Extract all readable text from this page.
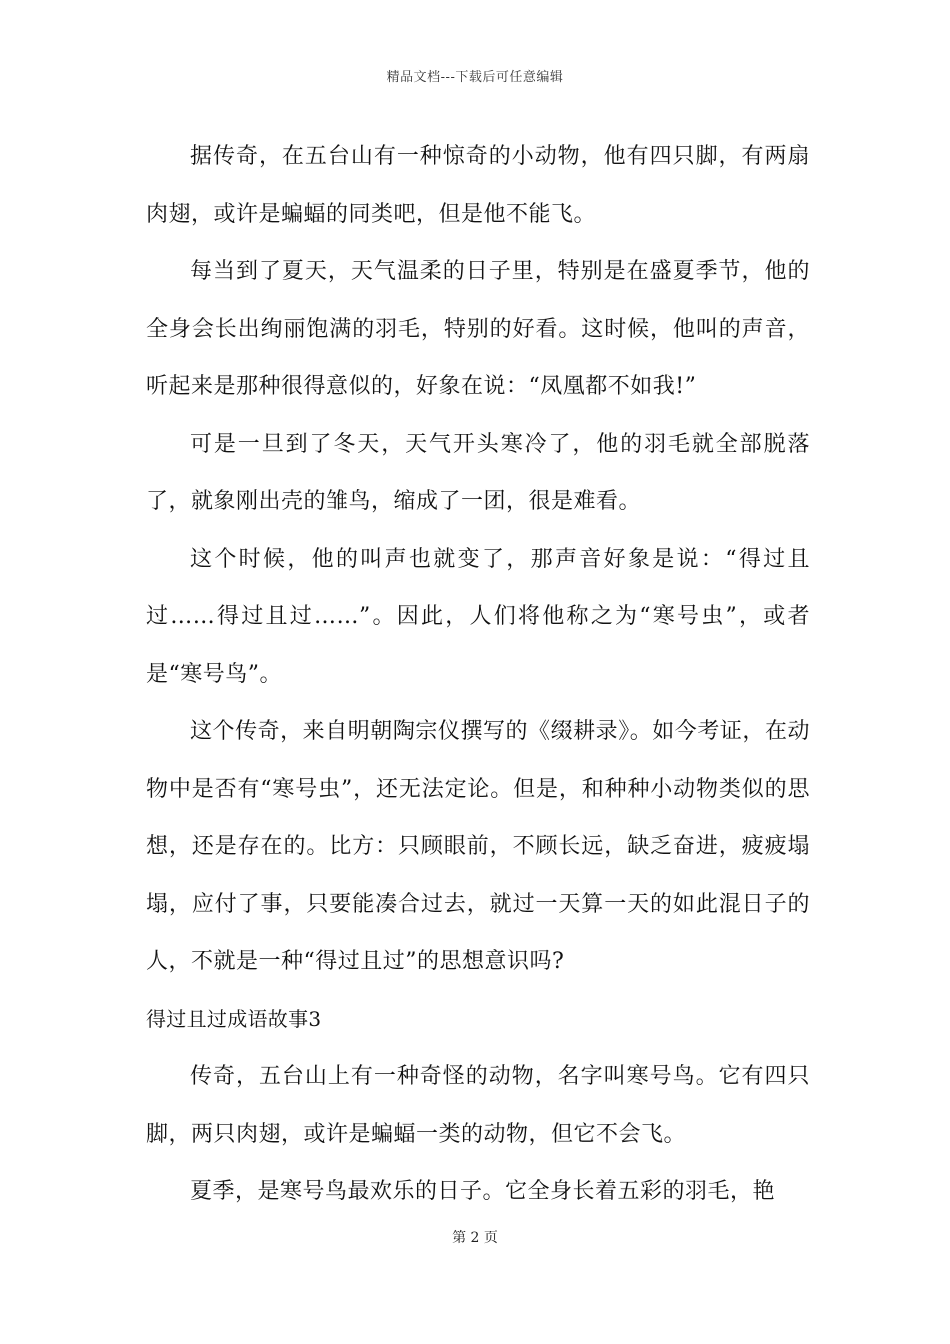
精品文档---下载后可任意编辑

据传奇，在五台山有一种惊奇的小动物，他有四只脚，有两扇肉翅，或许是蝙蝠的同类吧，但是他不能飞。

每当到了夏天，天气温柔的日子里，特别是在盛夏季节，他的全身会长出绚丽饱满的羽毛，特别的好看。这时候，他叫的声音，听起来是那种很得意似的，好象在说：“凤凰都不如我!”

可是一旦到了冬天，天气开头寒冷了，他的羽毛就全部脱落了，就象刚出壳的雏鸟，缩成了一团，很是难看。

这个时候，他的叫声也就变了，那声音好象是说：“得过且过……得过且过……”。因此，人们将他称之为“寒号虫”，或者是“寒号鸟”。

这个传奇，来自明朝陶宗仪撰写的《缀耕录》。如今考证，在动物中是否有“寒号虫”，还无法定论。但是，和种种小动物类似的思想，还是存在的。比方：只顾眼前，不顾长远，缺乏奋进，疲疲塌塌，应付了事，只要能凑合过去，就过一天算一天的如此混日子的人，不就是一种“得过且过”的思想意识吗?

得过且过成语故事3

传奇，五台山上有一种奇怪的动物，名字叫寒号鸟。它有四只脚，两只肉翅，或许是蝙蝠一类的动物，但它不会飞。

夏季，是寒号鸟最欢乐的日子。它全身长着五彩的羽毛，艳

第 2 页
